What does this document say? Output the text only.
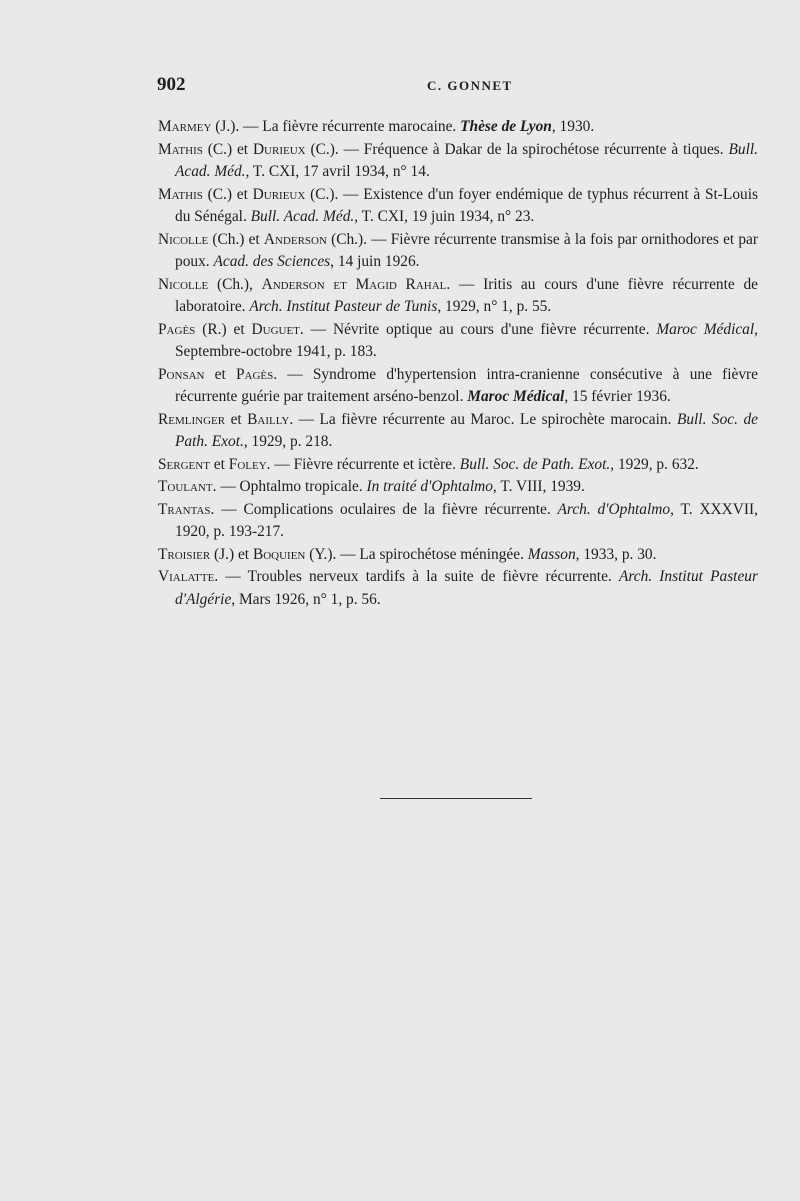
902	C. GONNET

Marmey (J.). — La fièvre récurrente marocaine. Thèse de Lyon, 1930.

Mathis (C.) et Durieux (C.). — Fréquence à Dakar de la spirochétose récurrente à tiques. Bull. Acad. Méd., T. CXI, 17 avril 1934, n° 14.

Mathis (C.) et Durieux (C.). — Existence d'un foyer endémique de typhus récurrent à St-Louis du Sénégal. Bull. Acad. Méd., T. CXI, 19 juin 1934, n° 23.

Nicolle (Ch.) et Anderson (Ch.). — Fièvre récurrente transmise à la fois par ornithodores et par poux. Acad. des Sciences, 14 juin 1926.

Nicolle (Ch.), Anderson et Magid Rahal. — Iritis au cours d'une fièvre récurrente de laboratoire. Arch. Institut Pasteur de Tunis, 1929, n° 1, p. 55.

Pagès (R.) et Duguet. — Névrite optique au cours d'une fièvre récurrente. Maroc Médical, Septembre-octobre 1941, p. 183.

Ponsan et Pagès. — Syndrome d'hypertension intra-cranienne consécutive à une fièvre récurrente guérie par traitement arséno-benzol. Maroc Médical, 15 février 1936.

Remlinger et Bailly. — La fièvre récurrente au Maroc. Le spirochète marocain. Bull. Soc. de Path. Exot., 1929, p. 218.

Sergent et Foley. — Fièvre récurrente et ictère. Bull. Soc. de Path. Exot., 1929, p. 632.

Toulant. — Ophtalmo tropicale. In traité d'Ophtalmo, T. VIII, 1939.

Trantas. — Complications oculaires de la fièvre récurrente. Arch. d'Ophtalmo, T. XXXVII, 1920, p. 193-217.

Troisier (J.) et Boquien (Y.). — La spirochétose méningée. Masson, 1933, p. 30.

Vialatte. — Troubles nerveux tardifs à la suite de fièvre récurrente. Arch. Institut Pasteur d'Algérie, Mars 1926, n° 1, p. 56.
